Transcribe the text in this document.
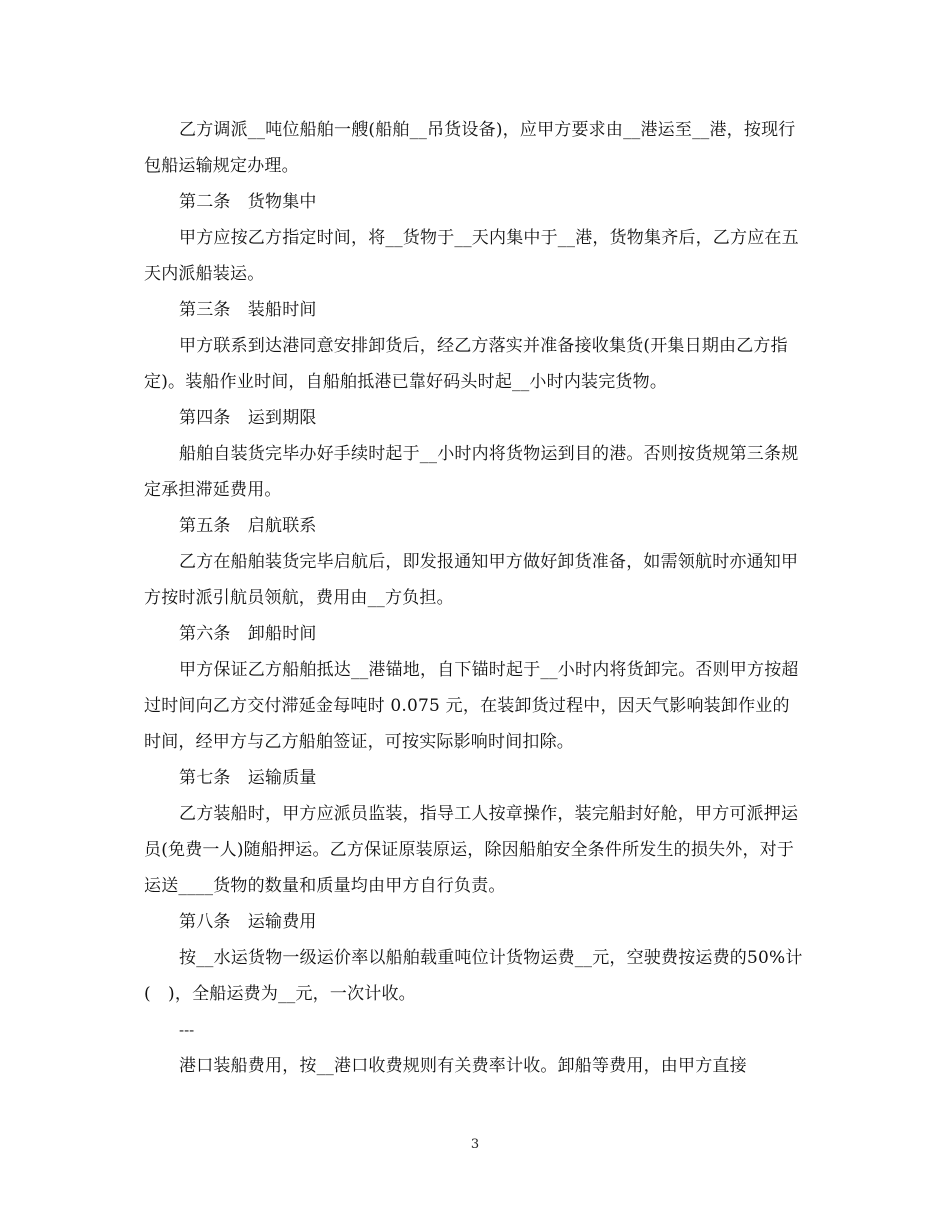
乙方调派__吨位船舶一艘(船舶__吊货设备)，应甲方要求由__港运至__港，按现行包船运输规定办理。

第二条　货物集中

甲方应按乙方指定时间，将__货物于__天内集中于__港，货物集齐后，乙方应在五天内派船装运。

第三条　装船时间

甲方联系到达港同意安排卸货后，经乙方落实并准备接收集货(开集日期由乙方指定)。装船作业时间，自船舶抵港已靠好码头时起__小时内装完货物。

第四条　运到期限

船舶自装货完毕办好手续时起于__小时内将货物运到目的港。否则按货规第三条规定承担滞延费用。

第五条　启航联系

乙方在船舶装货完毕启航后，即发报通知甲方做好卸货准备，如需领航时亦通知甲方按时派引航员领航，费用由__方负担。

第六条　卸船时间

甲方保证乙方船舶抵达__港锚地，自下锚时起于__小时内将货卸完。否则甲方按超过时间向乙方交付滞延金每吨时 0.075 元，在装卸货过程中，因天气影响装卸作业的时间，经甲方与乙方船舶签证，可按实际影响时间扣除。

第七条　运输质量

乙方装船时，甲方应派员监装，指导工人按章操作，装完船封好舱，甲方可派押运员(免费一人)随船押运。乙方保证原装原运，除因船舶安全条件所发生的损失外，对于运送____货物的数量和质量均由甲方自行负责。

第八条　运输费用

按__水运货物一级运价率以船舶载重吨位计货物运费__元，空驶费按运费的50%计(　)，全船运费为__元，一次计收。

---

港口装船费用，按__港口收费规则有关费率计收。卸船等费用，由甲方直接

3
